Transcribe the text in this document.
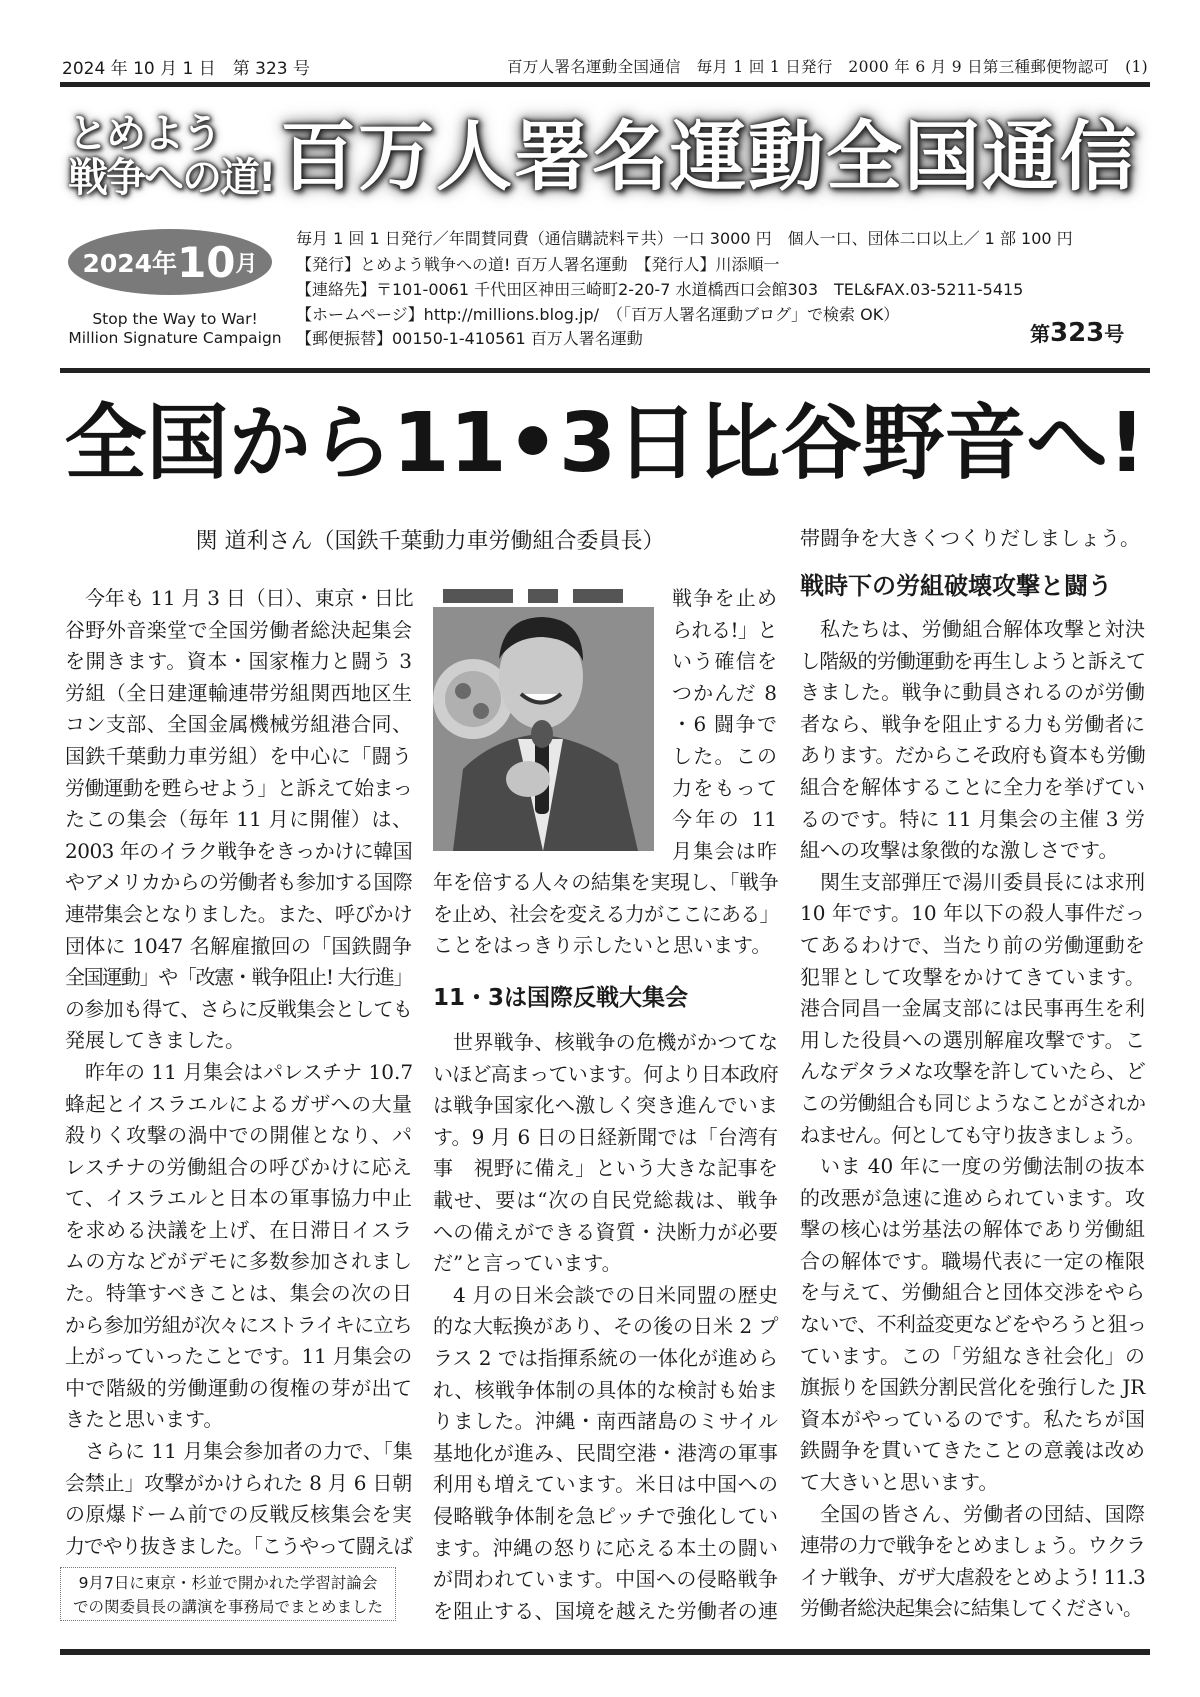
2024 年 10 月 1 日　第 323 号	百万人署名運動全国通信　毎月 1 回 1 日発行　2000 年 6 月 9 日第三種郵便物認可　(1)
とめよう
戦争への道! 百万人署名運動全国通信
2024年 10 月
Stop the Way to War!
Million Signature Campaign
毎月 1 回 1 日発行／年間賛同費（通信購読料〒共）一口 3000 円　個人一口、団体二口以上／ 1 部 100 円
【発行】とめよう戦争への道! 百万人署名運動　【発行人】川添順一
【連絡先】〒101-0061 千代田区神田三崎町2-20-7 水道橋西口会館303　TEL&FAX.03-5211-5415
【ホームページ】http://millions.blog.jp/　（「百万人署名運動ブログ」で検索 OK）
【郵便振替】00150-1-410561 百万人署名運動	第323号
全国から11•3日比谷野音へ!
関 道利さん（国鉄千葉動力車労働組合委員長）
今年も 11 月 3 日（日）、東京・日比
谷野外音楽堂で全国労働者総決起集会
を開きます。資本・国家権力と闘う 3
労組（全日建運輸連帯労組関西地区生
コン支部、全国金属機械労組港合同、
国鉄千葉動力車労組）を中心に「闘う
労働運動を甦らせよう」と訴えて始まっ
たこの集会（毎年 11 月に開催）は、
2003 年のイラク戦争をきっかけに韓国
やアメリカからの労働者も参加する国際
連帯集会となりました。また、呼びかけ
団体に 1047 名解雇撤回の「国鉄闘争
全国運動」や「改憲・戦争阻止! 大行進」
の参加も得て、さらに反戦集会としても
発展してきました。
昨年の 11 月集会はパレスチナ 10.7
蜂起とイスラエルによるガザへの大量
殺りく攻撃の渦中での開催となり、パ
レスチナの労働組合の呼びかけに応え
て、イスラエルと日本の軍事協力中止
を求める決議を上げ、在日滞日イスラ
ムの方などがデモに多数参加されまし
た。特筆すべきことは、集会の次の日
から参加労組が次々にストライキに立ち
上がっていったことです。11 月集会の
中で階級的労働運動の復権の芽が出て
きたと思います。
さらに 11 月集会参加者の力で、「集
会禁止」攻撃がかけられた 8 月 6 日朝
の原爆ドーム前での反戦反核集会を実
力でやり抜きました。「こうやって闘えば
戦争を止め
られる!」と
いう確信を
つかんだ 8
・6 闘争で
した。この
力をもって
今年の 11
月集会は昨
年を倍する人々の結集を実現し、「戦争
を止め、社会を変える力がここにある」
ことをはっきり示したいと思います。
11・3は国際反戦大集会
世界戦争、核戦争の危機がかつてな
いほど高まっています。何より日本政府
は戦争国家化へ激しく突き進んでいま
す。9 月 6 日の日経新聞では「台湾有
事　視野に備え」という大きな記事を
載せ、要は“次の自民党総裁は、戦争
への備えができる資質・決断力が必要
だ”と言っています。
4 月の日米会談での日米同盟の歴史
的な大転換があり、その後の日米 2 プ
ラス 2 では指揮系統の一体化が進めら
れ、核戦争体制の具体的な検討も始ま
りました。沖縄・南西諸島のミサイル
基地化が進み、民間空港・港湾の軍事
利用も増えています。米日は中国への
侵略戦争体制を急ピッチで強化してい
ます。沖縄の怒りに応える本土の闘い
が問われています。中国への侵略戦争
を阻止する、国境を越えた労働者の連
帯闘争を大きくつくりだしましょう。
戦時下の労組破壊攻撃と闘う
私たちは、労働組合解体攻撃と対決
し階級的労働運動を再生しようと訴えて
きました。戦争に動員されるのが労働
者なら、戦争を阻止する力も労働者に
あります。だからこそ政府も資本も労働
組合を解体することに全力を挙げてい
るのです。特に 11 月集会の主催 3 労
組への攻撃は象徴的な激しさです。
関生支部弾圧で湯川委員長には求刑
10 年です。10 年以下の殺人事件だっ
てあるわけで、当たり前の労働運動を
犯罪として攻撃をかけてきています。
港合同昌一金属支部には民事再生を利
用した役員への選別解雇攻撃です。こ
んなデタラメな攻撃を許していたら、ど
この労働組合も同じようなことがされか
ねません。何としても守り抜きましょう。
いま 40 年に一度の労働法制の抜本
的改悪が急速に進められています。攻
撃の核心は労基法の解体であり労働組
合の解体です。職場代表に一定の権限
を与えて、労働組合と団体交渉をやら
ないで、不利益変更などをやろうと狙っ
ています。この「労組なき社会化」の
旗振りを国鉄分割民営化を強行した JR
資本がやっているのです。私たちが国
鉄闘争を貫いてきたことの意義は改め
て大きいと思います。
全国の皆さん、労働者の団結、国際
連帯の力で戦争をとめましょう。ウクラ
イナ戦争、ガザ大虐殺をとめよう! 11.3
労働者総決起集会に結集してください。
9月7日に東京・杉並で開かれた学習討論会
での関委員長の講演を事務局でまとめました
